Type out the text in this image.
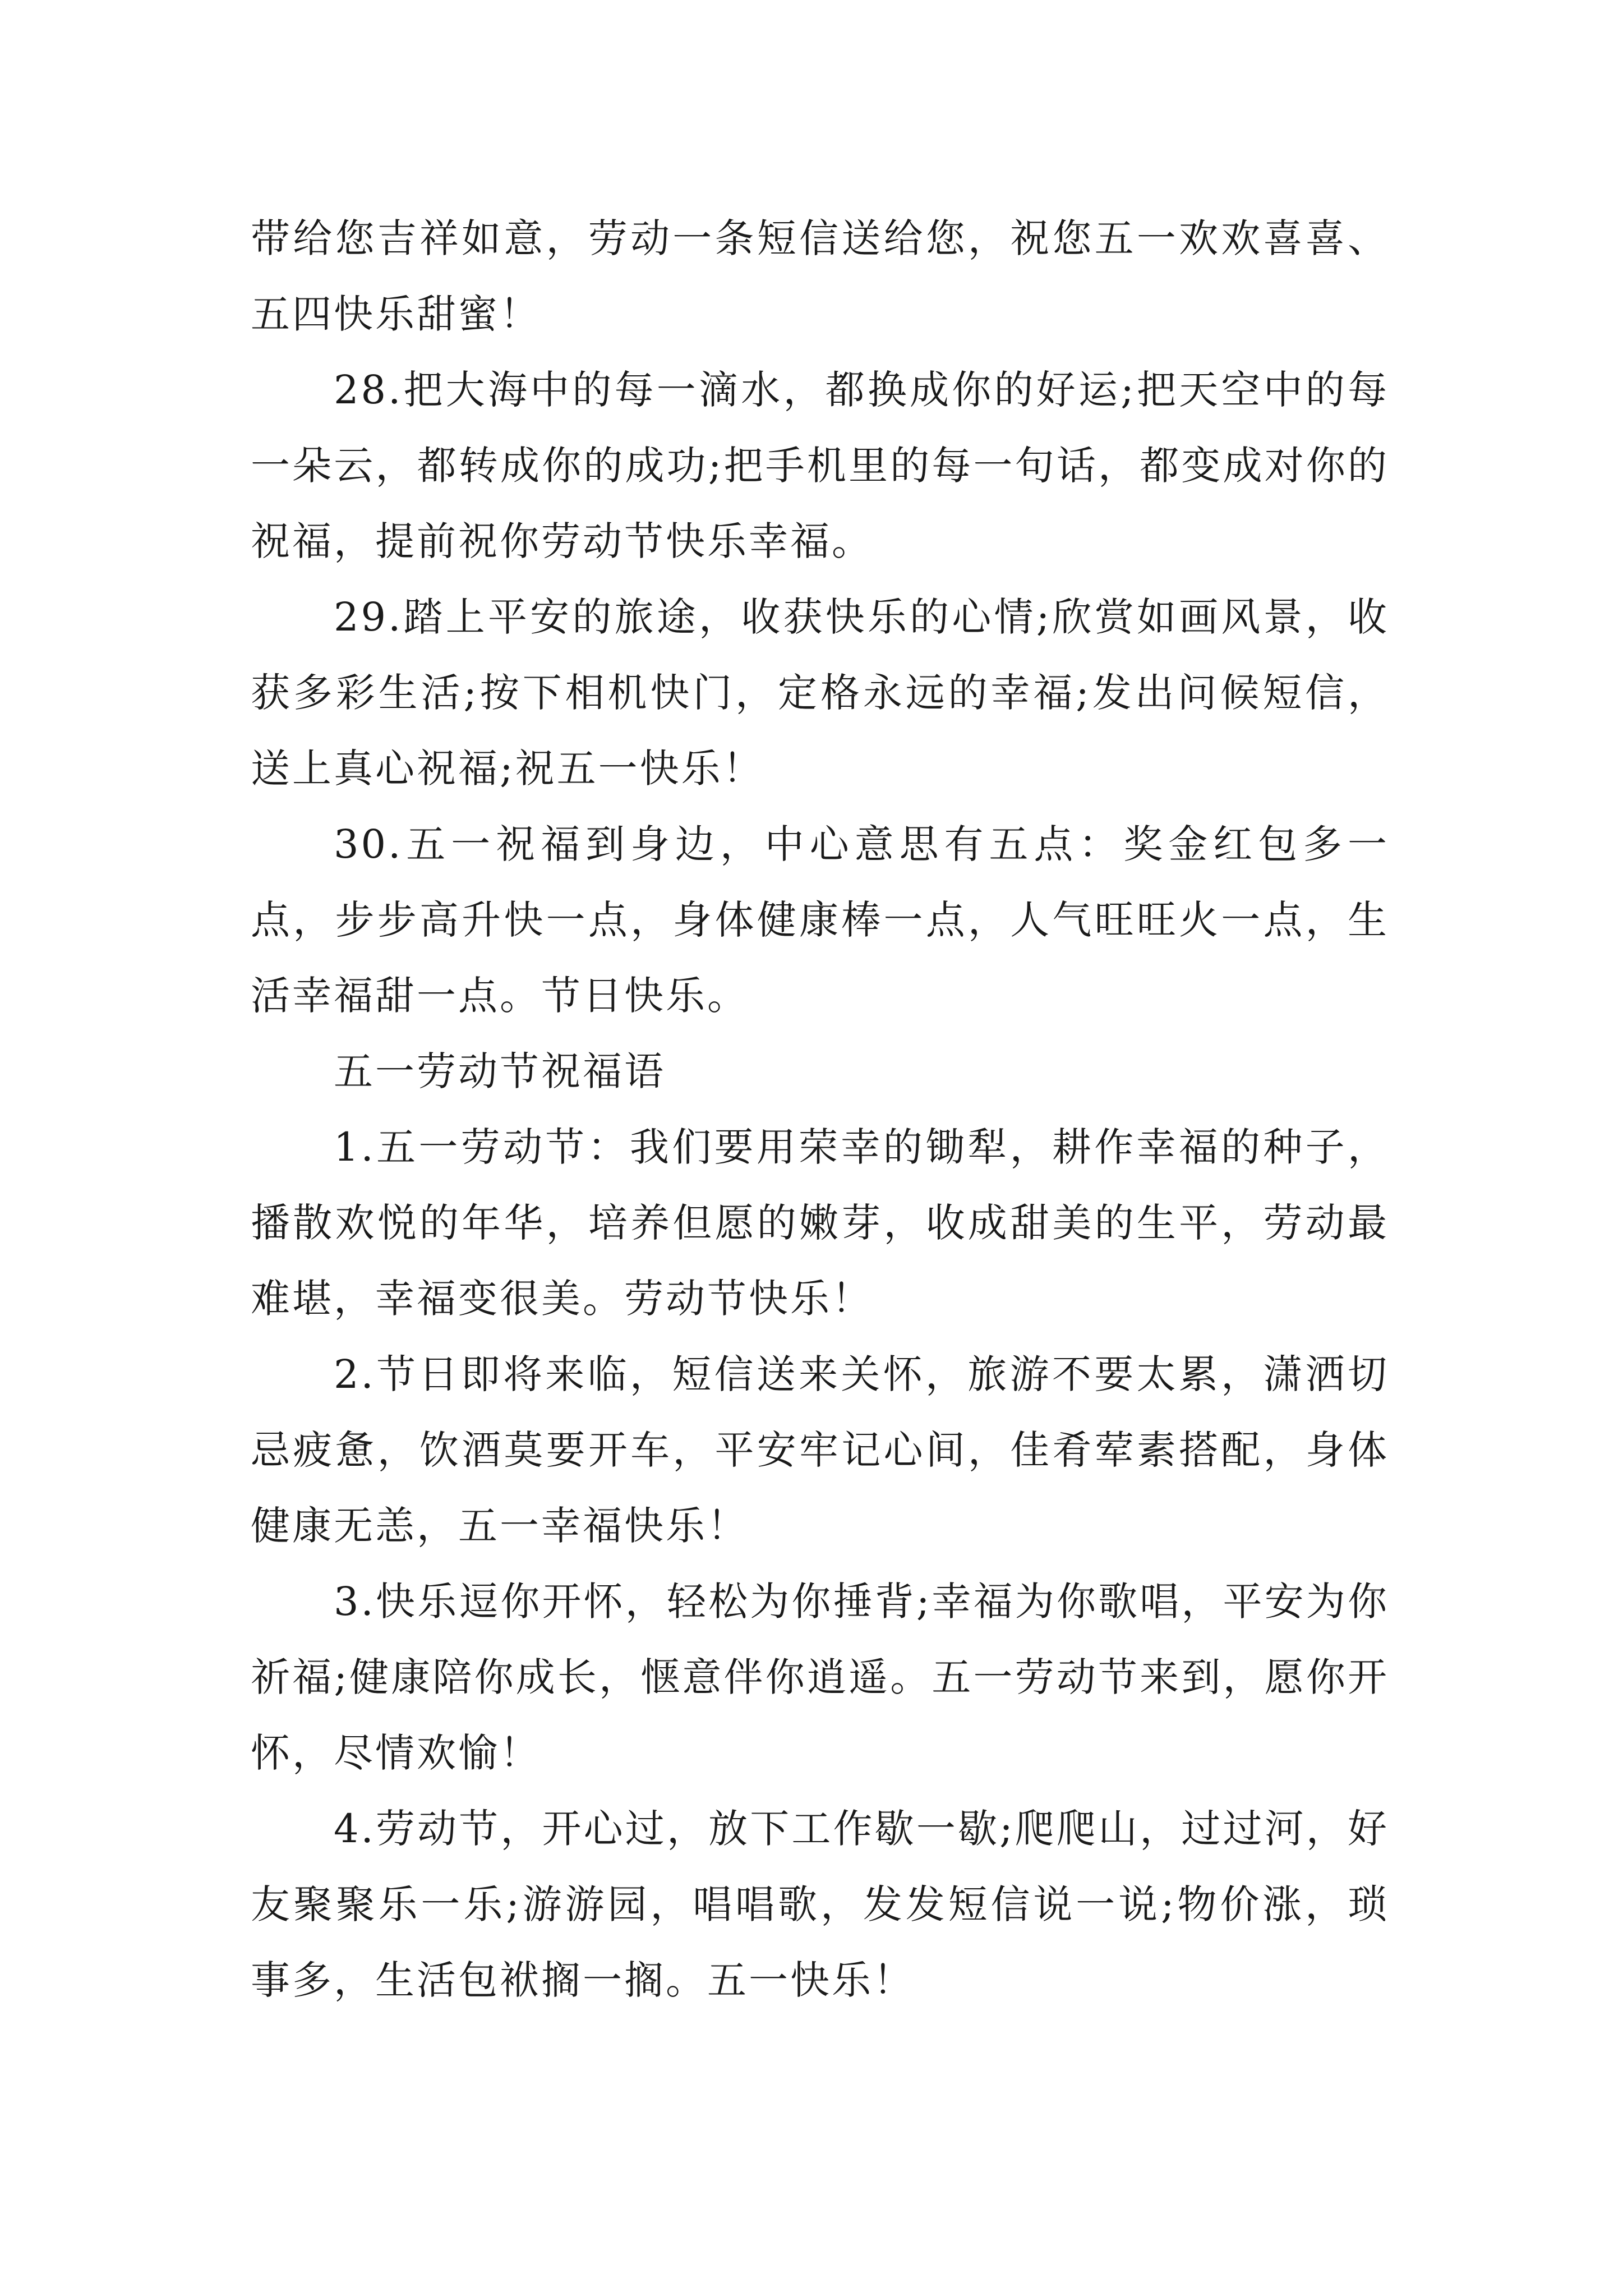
带给您吉祥如意，劳动一条短信送给您，祝您五一欢欢喜喜、五四快乐甜蜜！

28.把大海中的每一滴水，都换成你的好运;把天空中的每一朵云，都转成你的成功;把手机里的每一句话，都变成对你的祝福，提前祝你劳动节快乐幸福。

29.踏上平安的旅途，收获快乐的心情;欣赏如画风景，收获多彩生活;按下相机快门，定格永远的幸福;发出问候短信，送上真心祝福;祝五一快乐！

30.五一祝福到身边，中心意思有五点：奖金红包多一点，步步高升快一点，身体健康棒一点，人气旺旺火一点，生活幸福甜一点。节日快乐。

五一劳动节祝福语

1.五一劳动节：我们要用荣幸的锄犁，耕作幸福的种子，播散欢悦的年华，培养但愿的嫩芽，收成甜美的生平，劳动最难堪，幸福变很美。劳动节快乐！

2.节日即将来临，短信送来关怀，旅游不要太累，潇洒切忌疲惫，饮酒莫要开车，平安牢记心间，佳肴荤素搭配，身体健康无恙，五一幸福快乐！

3.快乐逗你开怀，轻松为你捶背;幸福为你歌唱，平安为你祈福;健康陪你成长，惬意伴你逍遥。五一劳动节来到，愿你开怀，尽情欢愉！

4.劳动节，开心过，放下工作歇一歇;爬爬山，过过河，好友聚聚乐一乐;游游园，唱唱歌，发发短信说一说;物价涨，琐事多，生活包袱搁一搁。五一快乐！
